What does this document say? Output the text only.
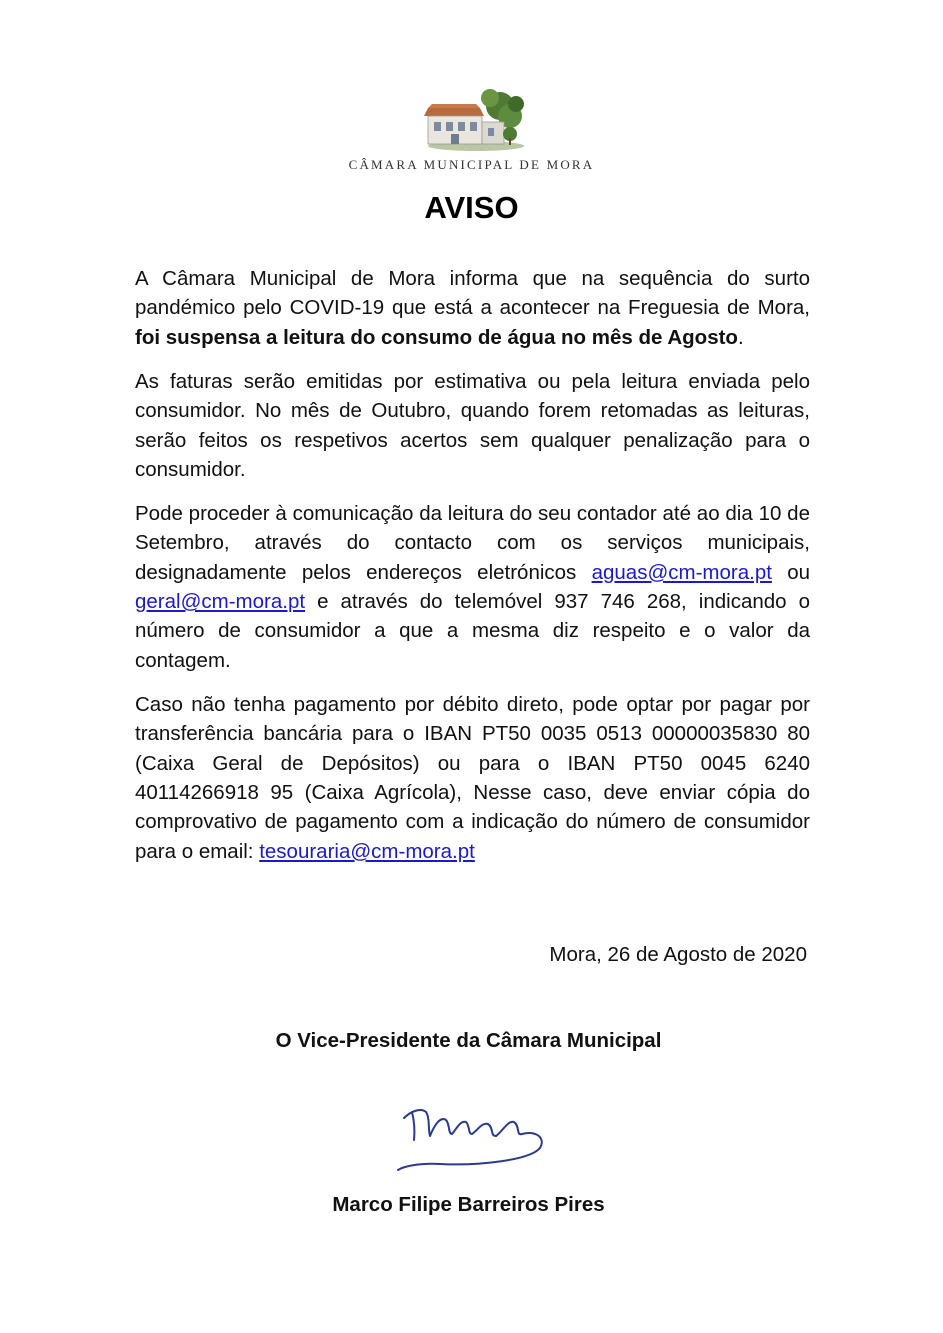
CÂMARA MUNICIPAL DE MORA
AVISO

A Câmara Municipal de Mora informa que na sequência do surto pandémico pelo COVID-19 que está a acontecer na Freguesia de Mora, foi suspensa a leitura do consumo de água no mês de Agosto.

As faturas serão emitidas por estimativa ou pela leitura enviada pelo consumidor. No mês de Outubro, quando forem retomadas as leituras, serão feitos os respetivos acertos sem qualquer penalização para o consumidor.

Pode proceder à comunicação da leitura do seu contador até ao dia 10 de Setembro, através do contacto com os serviços municipais, designadamente pelos endereços eletrónicos aguas@cm-mora.pt ou geral@cm-mora.pt e através do telemóvel 937 746 268, indicando o número de consumidor a que a mesma diz respeito e o valor da contagem.

Caso não tenha pagamento por débito direto, pode optar por pagar por transferência bancária para o IBAN PT50 0035 0513 00000035830 80 (Caixa Geral de Depósitos) ou para o IBAN PT50 0045 6240 40114266918 95 (Caixa Agrícola), Nesse caso, deve enviar cópia do comprovativo de pagamento com a indicação do número de consumidor para o email: tesouraria@cm-mora.pt

Mora, 26 de Agosto de 2020
O Vice-Presidente da Câmara Municipal
Marco Filipe Barreiros Pires
